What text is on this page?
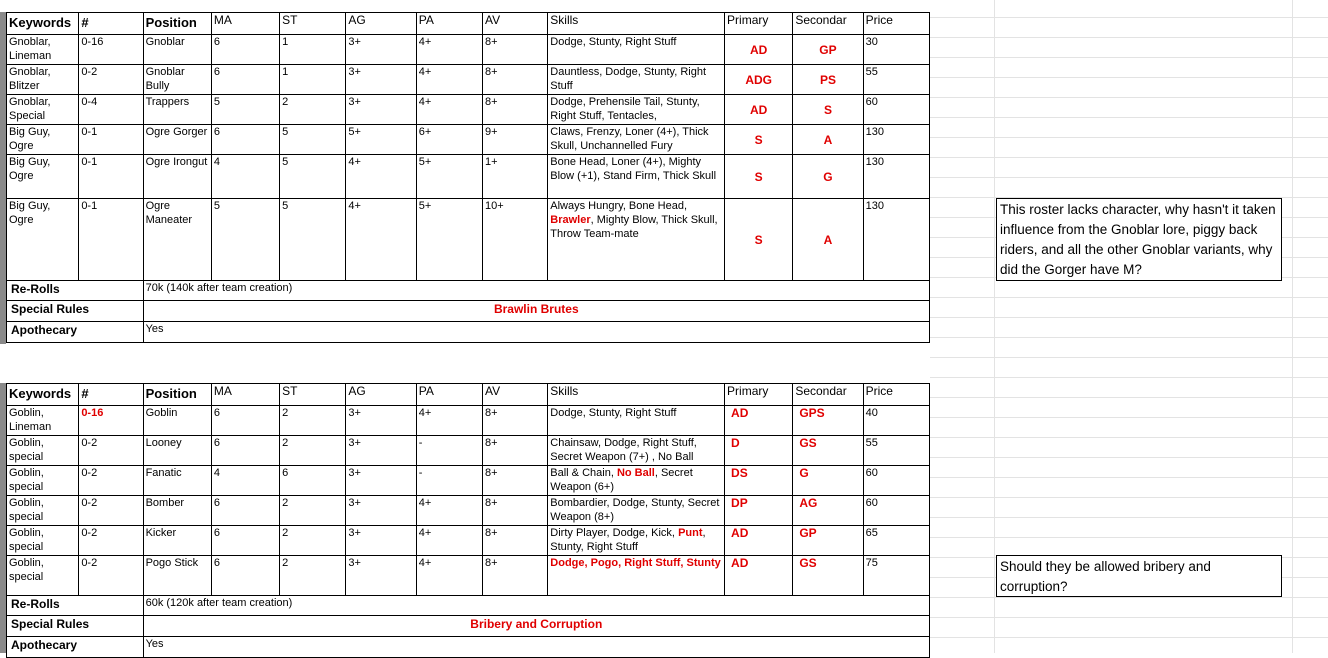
Keywords	#	Position	MA	ST	AG	PA	AV	Skills	Primary	Secondar	Price
Gnoblar, Lineman	0-16	Gnoblar	6	1	3+	4+	8+	Dodge, Stunty, Right Stuff	AD	GP	30
Gnoblar, Blitzer	0-2	Gnoblar Bully	6	1	3+	4+	8+	Dauntless, Dodge, Stunty, Right Stuff	ADG	PS	55
Gnoblar, Special	0-4	Trappers	5	2	3+	4+	8+	Dodge, Prehensile Tail, Stunty, Right Stuff, Tentacles,	AD	S	60
Big Guy, Ogre	0-1	Ogre Gorger	6	5	5+	6+	9+	Claws, Frenzy, Loner (4+), Thick Skull, Unchannelled Fury	S	A	130
Big Guy, Ogre	0-1	Ogre Irongut	4	5	4+	5+	1+	Bone Head, Loner (4+), Mighty Blow (+1), Stand Firm, Thick Skull	S	G	130
Big Guy, Ogre	0-1	Ogre Maneater	5	5	4+	5+	10+	Always Hungry, Bone Head, Brawler, Mighty Blow, Thick Skull, Throw Team-mate	S	A	130
Re-Rolls		70k (140k after team creation)									
Special Rules		Brawlin Brutes									
Apothecary		Yes									
Keywords	#	Position	MA	ST	AG	PA	AV	Skills	Primary	Secondar	Price
Goblin, Lineman	0-16	Goblin	6	2	3+	4+	8+	Dodge, Stunty, Right Stuff	AD	GPS	40
Goblin, special	0-2	Looney	6	2	3+	-	8+	Chainsaw, Dodge, Right Stuff, Secret Weapon (7+) , No Ball	D	GS	55
Goblin, special	0-2	Fanatic	4	6	3+	-	8+	Ball & Chain, No Ball, Secret Weapon (6+)	DS	G	60
Goblin, special	0-2	Bomber	6	2	3+	4+	8+	Bombardier, Dodge, Stunty, Secret Weapon (8+)	DP	AG	60
Goblin, special	0-2	Kicker	6	2	3+	4+	8+	Dirty Player, Dodge, Kick, Punt, Stunty, Right Stuff	AD	GP	65
Goblin, special	0-2	Pogo Stick	6	2	3+	4+	8+	Dodge, Pogo, Right Stuff, Stunty	AD	GS	75
Re-Rolls		60k (120k after team creation)									
Special Rules		Bribery and Corruption									
Apothecary		Yes									
This roster lacks character, why hasn't it taken influence from the Gnoblar lore, piggy back riders, and all the other Gnoblar variants, why did the Gorger have M?
Should they be allowed bribery and corruption?
